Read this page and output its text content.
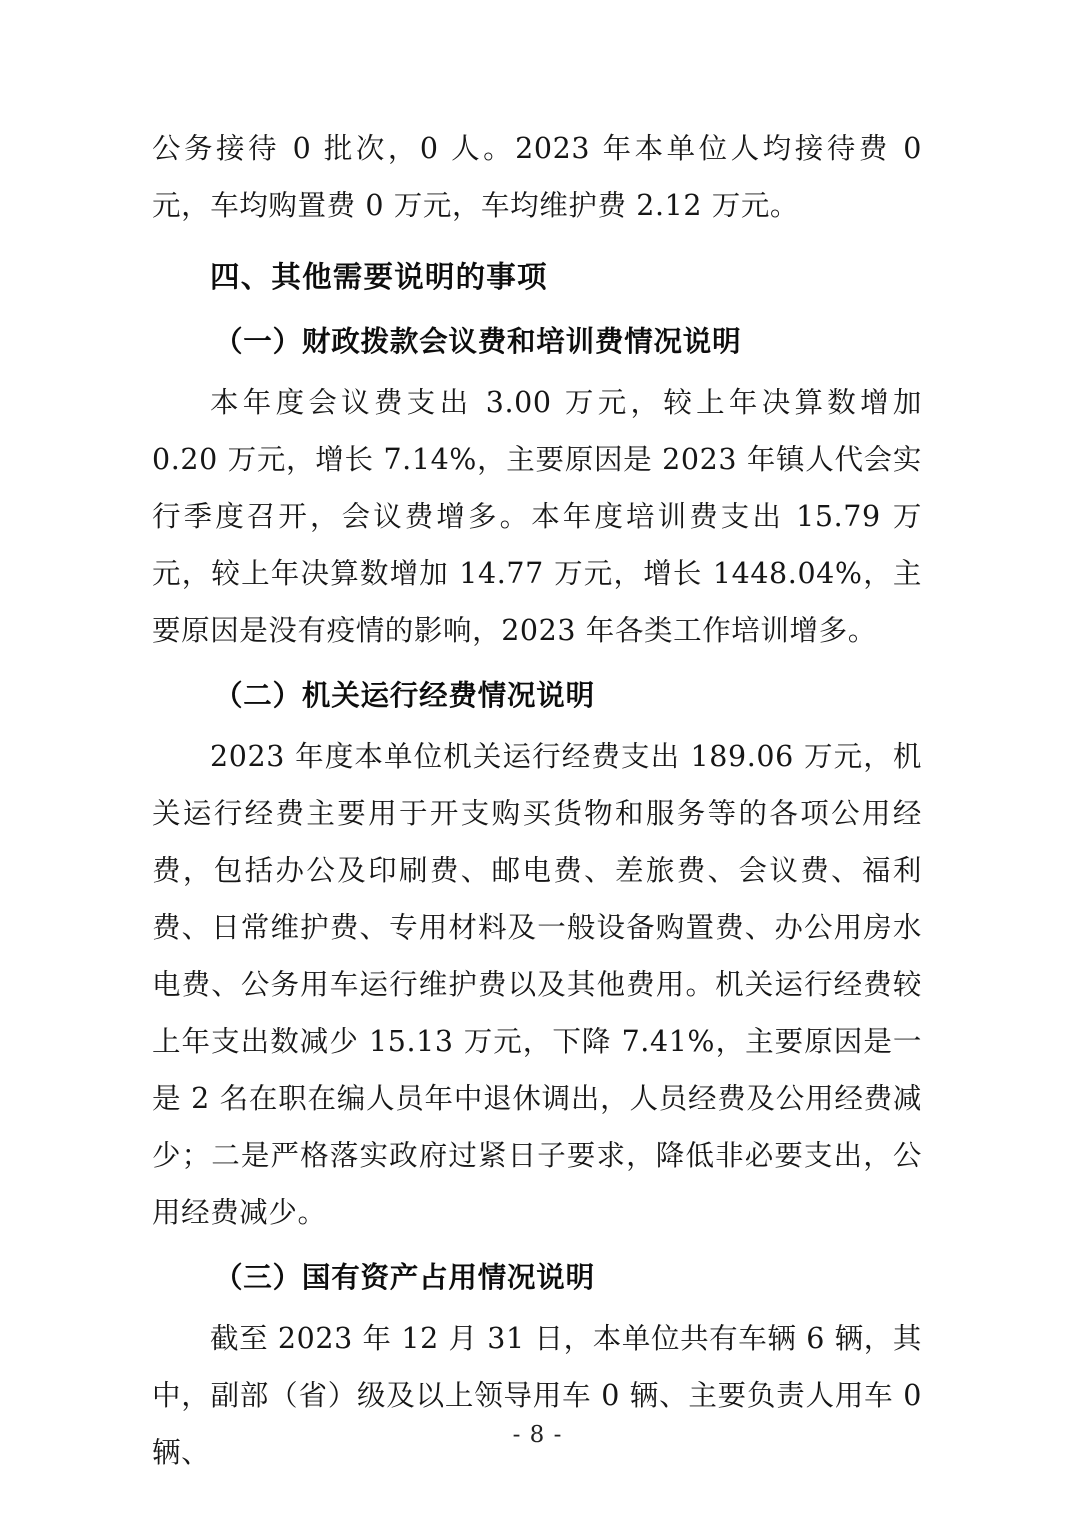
公务接待 0 批次，0 人。2023 年本单位人均接待费 0 元，车均购置费 0 万元，车均维护费 2.12 万元。

四、其他需要说明的事项
（一）财政拨款会议费和培训费情况说明

本年度会议费支出 3.00 万元，较上年决算数增加 0.20 万元，增长 7.14%，主要原因是 2023 年镇人代会实行季度召开，会议费增多。本年度培训费支出 15.79 万元，较上年决算数增加 14.77 万元，增长 1448.04%，主要原因是没有疫情的影响，2023 年各类工作培训增多。

（二）机关运行经费情况说明

2023 年度本单位机关运行经费支出 189.06 万元，机关运行经费主要用于开支购买货物和服务等的各项公用经费，包括办公及印刷费、邮电费、差旅费、会议费、福利费、日常维护费、专用材料及一般设备购置费、办公用房水电费、公务用车运行维护费以及其他费用。机关运行经费较上年支出数减少 15.13 万元，下降 7.41%，主要原因是一是 2 名在职在编人员年中退休调出，人员经费及公用经费减少；二是严格落实政府过紧日子要求，降低非必要支出，公用经费减少。

（三）国有资产占用情况说明

截至 2023 年 12 月 31 日，本单位共有车辆 6 辆，其中，副部（省）级及以上领导用车 0 辆、主要负责人用车 0 辆、

- 8 -
